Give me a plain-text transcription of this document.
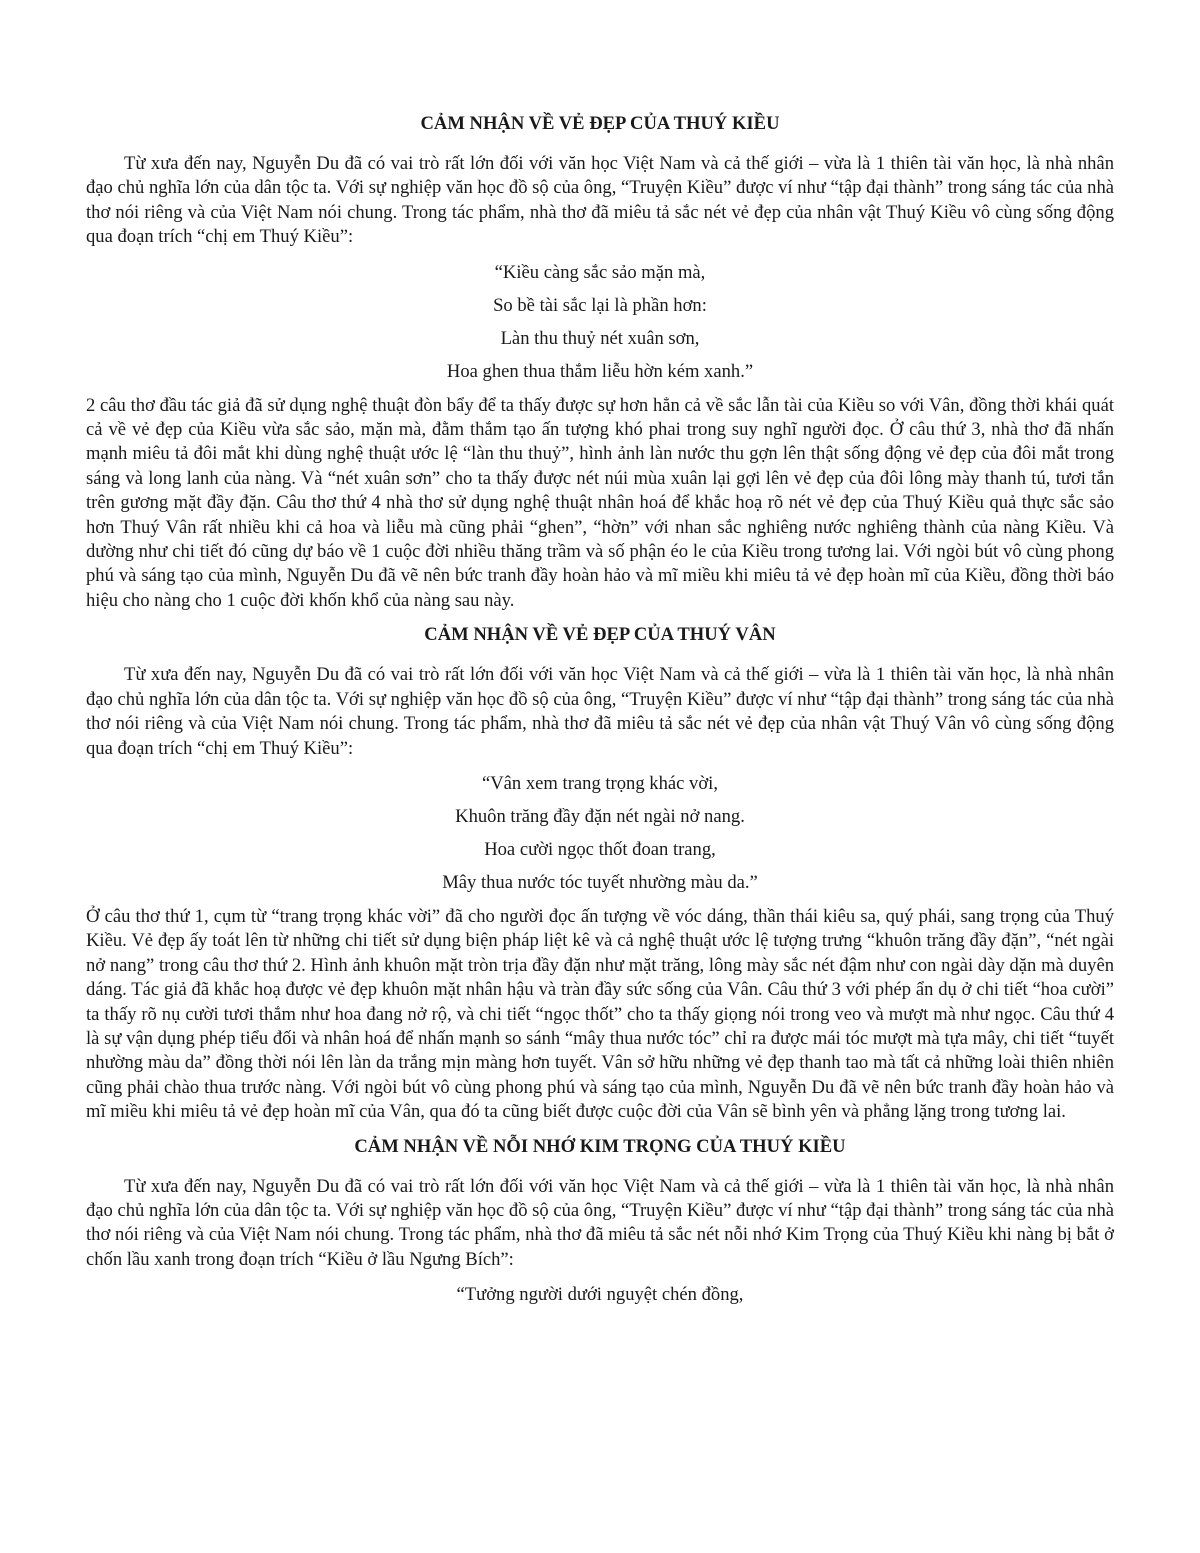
CẢM NHẬN VỀ VẺ ĐẸP CỦA THUÝ KIỀU

Từ xưa đến nay, Nguyễn Du đã có vai trò rất lớn đối với văn học Việt Nam và cả thế giới – vừa là 1 thiên tài văn học, là nhà nhân đạo chủ nghĩa lớn của dân tộc ta. Với sự nghiệp văn học đồ sộ của ông, “Truyện Kiều” được ví như “tập đại thành” trong sáng tác của nhà thơ nói riêng và của Việt Nam nói chung. Trong tác phẩm, nhà thơ đã miêu tả sắc nét vẻ đẹp của nhân vật Thuý Kiều vô cùng sống động qua đoạn trích “chị em Thuý Kiều”:

“Kiều càng sắc sảo mặn mà,

So bề tài sắc lại là phần hơn:

Làn thu thuỷ nét xuân sơn,

Hoa ghen thua thắm liễu hờn kém xanh.”

2 câu thơ đầu tác giả đã sử dụng nghệ thuật đòn bẩy để ta thấy được sự hơn hẳn cả về sắc lẫn tài của Kiều so với Vân, đồng thời khái quát cả về vẻ đẹp của Kiều vừa sắc sảo, mặn mà, đằm thắm tạo ấn tượng khó phai trong suy nghĩ người đọc. Ở câu thứ 3, nhà thơ đã nhấn mạnh miêu tả đôi mắt khi dùng nghệ thuật ước lệ “làn thu thuỷ”, hình ảnh làn nước thu gợn lên thật sống động vẻ đẹp của đôi mắt trong sáng và long lanh của nàng. Và “nét xuân sơn” cho ta thấy được nét núi mùa xuân lại gợi lên vẻ đẹp của đôi lông mày thanh tú, tươi tắn trên gương mặt đầy đặn. Câu thơ thứ 4 nhà thơ sử dụng nghệ thuật nhân hoá để khắc hoạ rõ nét vẻ đẹp của Thuý Kiều quả thực sắc sảo hơn Thuý Vân rất nhiều khi cả hoa và liễu mà cũng phải “ghen”, “hờn” với nhan sắc nghiêng nước nghiêng thành của nàng Kiều. Và dường như chi tiết đó cũng dự báo về 1 cuộc đời nhiều thăng trầm và số phận éo le của Kiều trong tương lai. Với ngòi bút vô cùng phong phú và sáng tạo của mình, Nguyễn Du đã vẽ nên bức tranh đầy hoàn hảo và mĩ miều khi miêu tả vẻ đẹp hoàn mĩ của Kiều, đồng thời báo hiệu cho nàng cho 1 cuộc đời khốn khổ của nàng sau này.

CẢM NHẬN VỀ VẺ ĐẸP CỦA THUÝ VÂN

Từ xưa đến nay, Nguyễn Du đã có vai trò rất lớn đối với văn học Việt Nam và cả thế giới – vừa là 1 thiên tài văn học, là nhà nhân đạo chủ nghĩa lớn của dân tộc ta. Với sự nghiệp văn học đồ sộ của ông, “Truyện Kiều” được ví như “tập đại thành” trong sáng tác của nhà thơ nói riêng và của Việt Nam nói chung. Trong tác phẩm, nhà thơ đã miêu tả sắc nét vẻ đẹp của nhân vật Thuý Vân vô cùng sống động qua đoạn trích “chị em Thuý Kiều”:

“Vân xem trang trọng khác vời,

Khuôn trăng đầy đặn nét ngài nở nang.

Hoa cười ngọc thốt đoan trang,

Mây thua nước tóc tuyết nhường màu da.”

Ở câu thơ thứ 1, cụm từ “trang trọng khác vời” đã cho người đọc ấn tượng về vóc dáng, thần thái kiêu sa, quý phái, sang trọng của Thuý Kiều. Vẻ đẹp ấy toát lên từ những chi tiết sử dụng biện pháp liệt kê và cả nghệ thuật ước lệ tượng trưng “khuôn trăng đầy đặn”, “nét ngài nở nang” trong câu thơ thứ 2. Hình ảnh khuôn mặt tròn trịa đầy đặn như mặt trăng, lông mày sắc nét đậm như con ngài dày dặn mà duyên dáng. Tác giả đã khắc hoạ được vẻ đẹp khuôn mặt nhân hậu và tràn đầy sức sống của Vân. Câu thứ 3 với phép ẩn dụ ở chi tiết “hoa cười” ta thấy rõ nụ cười tươi thắm như hoa đang nở rộ, và chi tiết “ngọc thốt” cho ta thấy giọng nói trong veo và mượt mà như ngọc. Câu thứ 4 là sự vận dụng phép tiểu đối và nhân hoá để nhấn mạnh so sánh “mây thua nước tóc” chỉ ra được mái tóc mượt mà tựa mây, chi tiết “tuyết nhường màu da” đồng thời nói lên làn da trắng mịn màng hơn tuyết. Vân sở hữu những vẻ đẹp thanh tao mà tất cả những loài thiên nhiên cũng phải chào thua trước nàng. Với ngòi bút vô cùng phong phú và sáng tạo của mình, Nguyễn Du đã vẽ nên bức tranh đầy hoàn hảo và mĩ miều khi miêu tả vẻ đẹp hoàn mĩ của Vân, qua đó ta cũng biết được cuộc đời của Vân sẽ bình yên và phẳng lặng trong tương lai.

CẢM NHẬN VỀ NỖI NHỚ KIM TRỌNG CỦA THUÝ KIỀU

Từ xưa đến nay, Nguyễn Du đã có vai trò rất lớn đối với văn học Việt Nam và cả thế giới – vừa là 1 thiên tài văn học, là nhà nhân đạo chủ nghĩa lớn của dân tộc ta. Với sự nghiệp văn học đồ sộ của ông, “Truyện Kiều” được ví như “tập đại thành” trong sáng tác của nhà thơ nói riêng và của Việt Nam nói chung. Trong tác phẩm, nhà thơ đã miêu tả sắc nét nỗi nhớ Kim Trọng của Thuý Kiều khi nàng bị bắt ở chốn lầu xanh trong đoạn trích “Kiều ở lầu Ngưng Bích”:

“Tưởng người dưới nguyệt chén đồng,
